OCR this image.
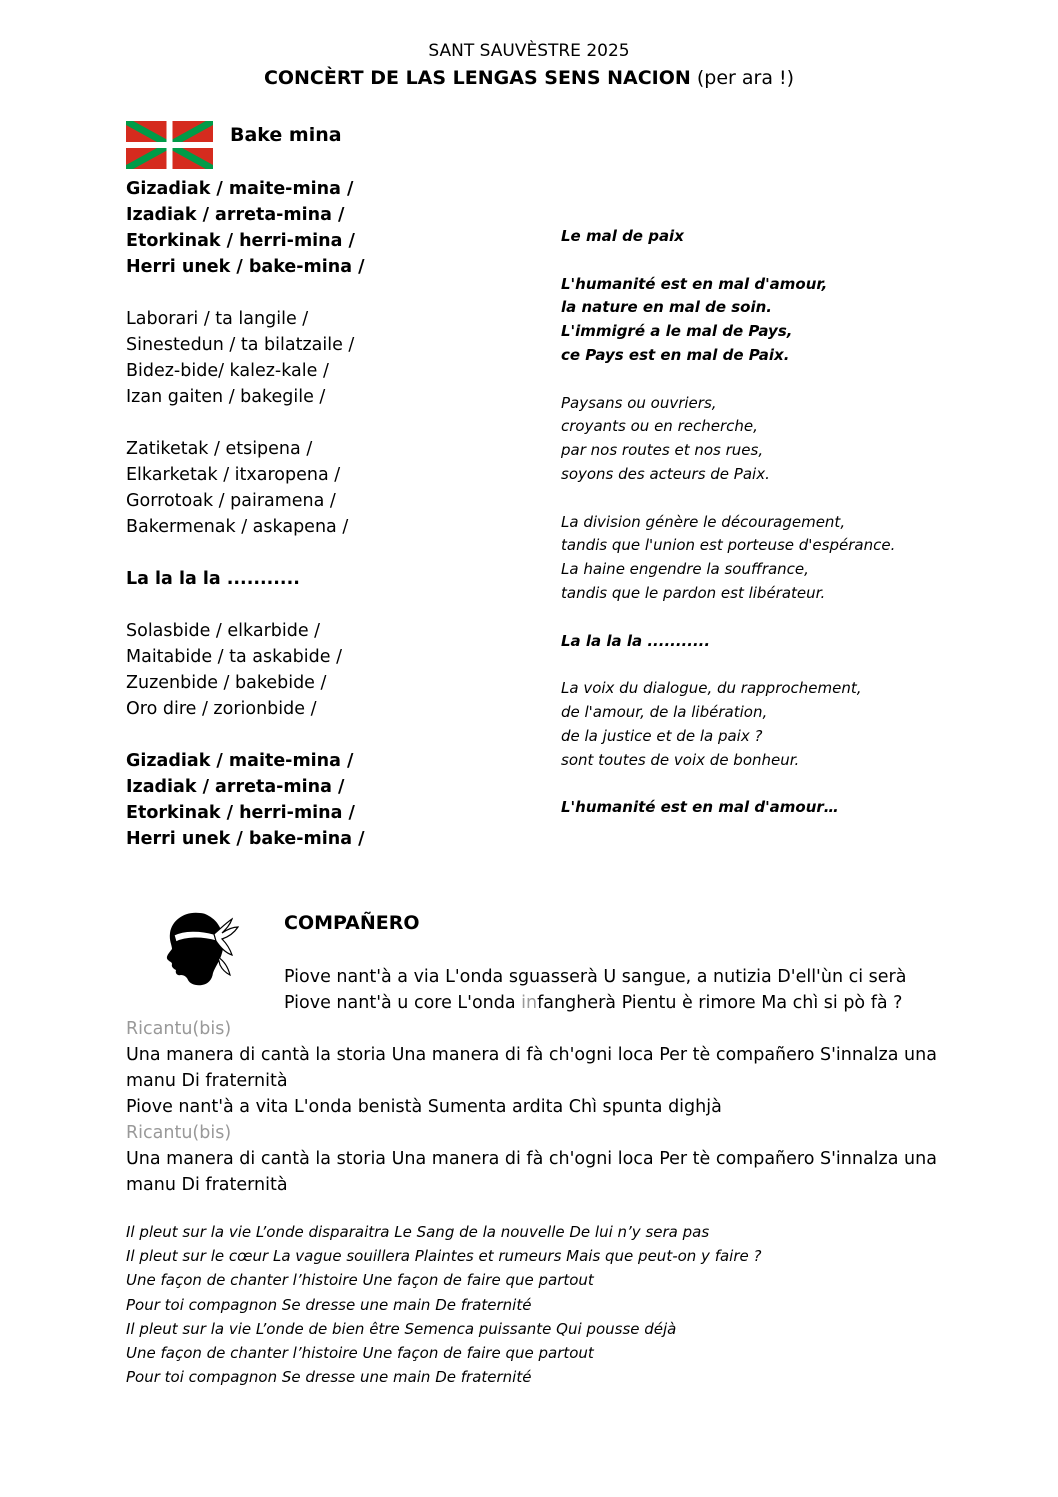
SANT SAUVÈSTRE 2025
CONCÈRT DE LAS LENGAS SENS NACION (per ara !)
Bake mina
Gizadiak / maite-mina /
Izadiak / arreta-mina /
Etorkinak / herri-mina /
Herri unek / bake-mina /
Laborari / ta langile /
Sinestedun / ta bilatzaile /
Bidez-bide/ kalez-kale /
Izan gaiten / bakegile /
Zatiketak / etsipena /
Elkarketak / itxaropena /
Gorrotoak / pairamena /
Bakermenak / askapena /
La la la la ...........
Solasbide / elkarbide /
Maitabide / ta askabide /
Zuzenbide / bakebide /
Oro dire / zorionbide /
Gizadiak / maite-mina /
Izadiak / arreta-mina /
Etorkinak / herri-mina /
Herri unek / bake-mina /
Le mal de paix
L'humanité est en mal d'amour,
la nature en mal de soin.
L'immigré a le mal de Pays,
ce Pays est en mal de Paix.
Paysans ou ouvriers,
croyants ou en recherche,
par nos routes et nos rues,
soyons des acteurs de Paix.
La division génère le découragement,
tandis que l'union est porteuse d'espérance.
La haine engendre la souffrance,
tandis que le pardon est libérateur.
La la la la ...........
La voix du dialogue, du rapprochement,
de l'amour, de la libération,
de la justice et de la paix ?
sont toutes de voix de bonheur.
L'humanité est en mal d'amour…
COMPAÑERO
Piove nant'à a via L'onda sguasserà U sangue, a nutizia D'ell'ùn ci serà
Piove nant'à u core L'onda infangherà Pientu è rimore Ma chì si pò fà ?
Ricantu(bis)
Una manera di cantà la storia Una manera di fà ch'ogni loca Per tè compañero S'innalza una
manu Di fraternità
Piove nant'à a vita L'onda benistà Sumenta ardita Chì spunta dighjà
Ricantu(bis)
Una manera di cantà la storia Una manera di fà ch'ogni loca Per tè compañero S'innalza una
manu Di fraternità
Il pleut sur la vie L’onde disparaitra Le Sang de la nouvelle De lui n’y sera pas
Il pleut sur le cœur La vague souillera Plaintes et rumeurs Mais que peut-on y faire ?
Une façon de chanter l’histoire Une façon de faire que partout
Pour toi compagnon Se dresse une main De fraternité
Il pleut sur la vie L’onde de bien être Semenca puissante Qui pousse déjà
Une façon de chanter l’histoire Une façon de faire que partout
Pour toi compagnon Se dresse une main De fraternité
